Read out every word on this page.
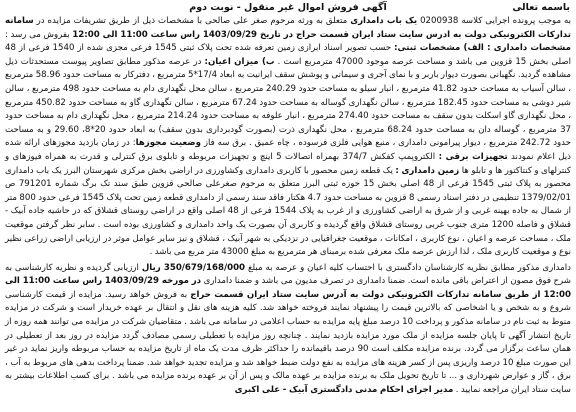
باسمه تعالی
آگهی فروش اموال غیر منقول - نوبت دوم

به موجب پرونده اجرایی کلاسه 0200938 یک باب دامداری متعلق به ورثه مرحوم صغر علی صالحی با مشخصات ذیل از طریق تشریفات مزایده در سامانه تدارکات الکترونیکی دولت به ادرس سایت ستاد ایران قسمت حراج در تاریخ 1403/09/29 راس ساعت 11:00 الی 12:00 بفروش می رسد : مشخصات دامداری : الف) مشخصات ثبتی: حسب تصویر اسناد ابرازی زمین تعرفه شده تحت پلاک ثبتی 1545 فرعی مجزی شده از 1540 فرعی از 48 اصلی بخش 15 قزوین می باشد و مساحت عرصه موجود 47000 مترمربع است . ب) میزان اعیان: در عرصه مذکور مطابق تصاویر پیوست مستحدثات ذیل مشاهده گردید. نگهبانی بصورت دیوار باربر و با نمای آجری و سیمانی و پوشش سقف ایرانیت به ابعاد 17/4*5 مترمربع ، دفترکار به مساحت حدود 58.96 مترمربع ، سالن آسیاب به مساحت حدود 41.82 مترمربع ، انبار سیلو به مساحت حدود 240.29 مترمربع ، سالن محل نگهداری دام به مساحت حدود 498 مترمربع ، سالن شیر دوشی به مساحت حدود 182.45 مترمربع ، سالن نگهداری گوساله به مساحت حدود 67.24 مترمربع ، سالن نگهداری گاو به مساحت حدود 450.82 مترمربع ، محل نگهداری گاو اسکلت بدون سقف به مساحت حدود 274.40 مترمربع ، انبار علوفه به مساحت حدود 214.24 مترمربع ، محل نگهداری دام به مساحت حدود 37 مترمربع ، گوساله دان به مساحت حدود 68.24 مترمربع ، محل نگهداری ذرت (بصورت گودبرداری بدون سقف) به ابعاد حدود 20*8، 29.60 و به مساحت حدود 242.72 مترمربع ، دیوار پیرامونی دامداری ، منبع هوایی فلزی فرسوده ، چاه عمیق . برق سه فاز وضعیت مجوزها: در زمان بازدید مجوزهای ارائه شده ذیل اعلام نمودند تجهیزات برقی : الکتروپمپ کفکش 374/7 بهمراه اتصالات 5 اینچ و تجهیزات مربوطه و تابلوی برق کنترلی و قدرت به همراه فیوزهای و کنترلهای و کنتاکتور ها و تابلو ها زمین دامداری : یک قطعه زمین محصور با کاربری دامداری وکشاورزی در اراضی بخش مرکزی شهرستان البرز یک باب دامداری محصور به پلاک ثبتی 1545 فرعی از 48 اصلی بخش 15 حوزه ثبتی البرز متعلق به مرحوم صغرعلی صالحی قزوین طبق سند تک برگ شماره 791201 ص 1379/02/01 تنظیمی در دفتر اسناد رسمی 8 قزوین به مساحت حدود 4.7 هکتار فاقد سند رسمی از دامداری قطعه زمین تحت پلاک 1545 فرعی حدود 800 متر از شمال به جاده بهینه غربی و از شرق به اراضی کشاورزی و از غرب به پلاک 1544 فرعی از 48 اصلی واقع در اراضی روستای قشلاق که در حاشیه جاده آبیک - قشلاق و فاصله 1200 متری جنوب غربی روستای قشلاق واقع گردیده و کاربری آن بصورت یک واحد دامداری و کشاورزی بوده است . سابر نظر گرفتن موقعیت ملک ، مساحت عرصه و اعیان ، نوع کاربری ، امکانات ، موقعیت جغرافیایی در نزدیکی به شهر آبیک ، قشلاق و نیز سایر عوامل موثر در ارزیابی اراضی زراعی نظیر نوع و موقعیت کاربری ملک ، لذا ارزش عرصه ملک معرفی شده برمبنای هر مترمربع به مبلغ 43000 متر مربع می باشد .

دامداری مذکور مطابق نظریه کارشناسان دادگستری با احتساب کلیه اعیان و عرصه به مبلغ 350/679/168/000 ریال ارزیابی گردیده و نظریه کارشناسی به شرح فوق مصون از اعتراض باقی مانده است. ضمنا دامداری در تصرف مدیون می باشد و ضمنا دامداری در مورخه 1403/09/29 راس ساعت 11:00 الی 12:00 از طریق سامانه تدارکات الکترونیکی دولت به آدرس سایت ستاد ایران قسمت حراج به فروش خواهد رسید. مزایده از قیمت کارشناسی شروع و به شخص و یا اشخاصی که بالاترین قیمت را پیشنهاد نمایند فروخته خواهد شد. کلیه هزینه های نقل و انتقال بر عهده خریدار است و شرکت در مزایده منوط به ثبت نام در سامانه مذکور و پرداخت 10 درصد مبلغ پایه مزایده به حساب اعلامی در سامانه می باشد . متقاضیان شرکت در مزایده می توانند همه روزه از تاریخ انتشار آگهی تا پایان جلسه مزایده از ملک مورد مزایده بازدید نمایند . چنانچه روز مزایده با تعطیلی رسمی مصادف گردد مزایده در روز بعد از تعطیلی در همان ساعت برگزار می گردد. برنده مزایده مکلف است 90 درصد باقیمانده را حداکثر ظرف مدت یک ماه از تاریخ مزایده به حساب مربوطه واریز نماید در غیر این صورت مبلغ 10 درصد واریزی پس از کسر هزینه های مزایده به نفع دولت ضبط خواهد شد و مزایده تجدید خواهد شد. ضمنا پرداخت بدهی های مربوط به آب ، برق ، گاز و عوارض شهرداری و ... تا تاریخ تحویل ملک به برنده مزایده بر عهده مالک و پس از آن بر عهده برنده مزایده می باشد . برای کسب اطلاعات بیشتر به سایت ستاد ایران مراجعه نمایید . مدیر اجرای احکام مدنی دادگستری آبیک - علی اکبری
